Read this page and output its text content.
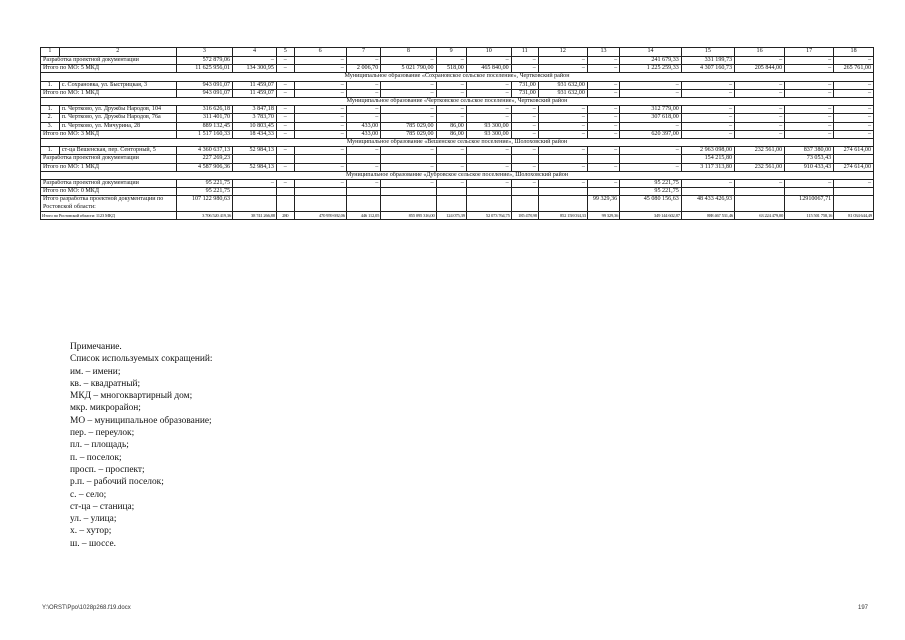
1	2	3	4	5	6	7	8	9	10	11	12	13	14	15	16	17	18
Разработка проектной документации		572 879,06	–	–	–	–	–	–	–	–	–	–	241 679,33	331 199,73	–	–	–
Итого по МО: 5 МКД		11 625 956,01	134 300,95	–	–	2 006,70	5 021 790,00	518,00	465 840,00	–	–	–	1 225 259,33	4 307 160,73	205 844,00	–	265 761,00
Муниципальное образование «Сохрановское сельское поселение», Чертковский район																	
1.	с. Сохрановка, ул. Быстрицкая, 3	943 091,07	11 459,07	–	–	–	–	–	–	731,00	931 632,00	–	–	–	–	–	–
Итого по МО: 1 МКД		943 091,07	11 459,07	–	–	–	–	–	–	731,00	931 632,00	–	–	–	–	–	–
Муниципальное образование «Чертковское сельское поселение», Чертковский район																	
1.	п. Чертково, ул. Дружбы Народов, 104	316 626,18	3 847,18	–	–	–	–	–	–	–	–	–	312 779,00	–	–	–	–
2.	п. Чертково, ул. Дружбы Народов, 76а	311 401,70	3 783,70	–	–	–	–	–	–	–	–	–	307 618,00	–	–	–	–
3.	п. Чертково, ул. Мичурина, 28	889 132,45	10 803,45	–	–	433,00	785 029,00	86,00	93 300,00	–	–	–	–	–	–	–	–
Итого по МО: 3 МКД		1 517 160,33	18 434,33	–	–	433,00	785 029,00	86,00	93 300,00	–	–	–	620 397,00	–	–	–	–
Муниципальное образование «Вешенское сельское поселение», Шолоховский район																	
1.	ст-ца Вешенская, пер. Сенторный, 5	4 360 637,13	52 984,13	–	–	–	–	–	–	–	–	–	–	2 963 098,00	232 561,00	837 380,00	274 614,00
Разработка проектной документации		227 269,23												154 215,80		73 053,43	
Итого по МО: 1 МКД		4 587 906,36	52 984,13	–	–	–	–	–	–	–	–	–	–	3 117 313,80	232 561,00	910 433,43	274 614,00
Муниципальное образование «Дубровское сельское поселение», Шолоховский район																	
Разработка проектной документации		95 221,75	–	–	–	–	–	–	–	–	–	–	95 221,75	–	–	–	–
Итого по МО: 0 МКД		95 221,75											95 221,75				
Итого разработка проектной документации по Ростовской области:		107 122 980,63										99 329,36	45 080 156,63	48 433 426,93		12910067,71	
Итого по Ростовской области: 1123 МКД		3 706 520 419,36	38 741 266,88	280	470 959 692,06	446 112,05	855 095 316,00	124 075,39	52 073 764,75	185 478,98	852 158 034,33	99 329,36	349 144 602,87	888 467 531,46	63 224 479,00	115 501 758,16	81 034 644,49
Примечание.
Список используемых сокращений:
им. – имени;
кв. – квадратный;
МКД – многоквартирный дом;
мкр. микрорайон;
МО – муниципальное образование;
пер. – переулок;
пл. – площадь;
п. – поселок;
просп. – проспект;
р.п. – рабочий поселок;
с. – село;
ст-ца – станица;
ул. – улица;
х. – хутор;
ш. – шоссе.
Y:\ORST\Ppo\1028p268.f19.docx	197
